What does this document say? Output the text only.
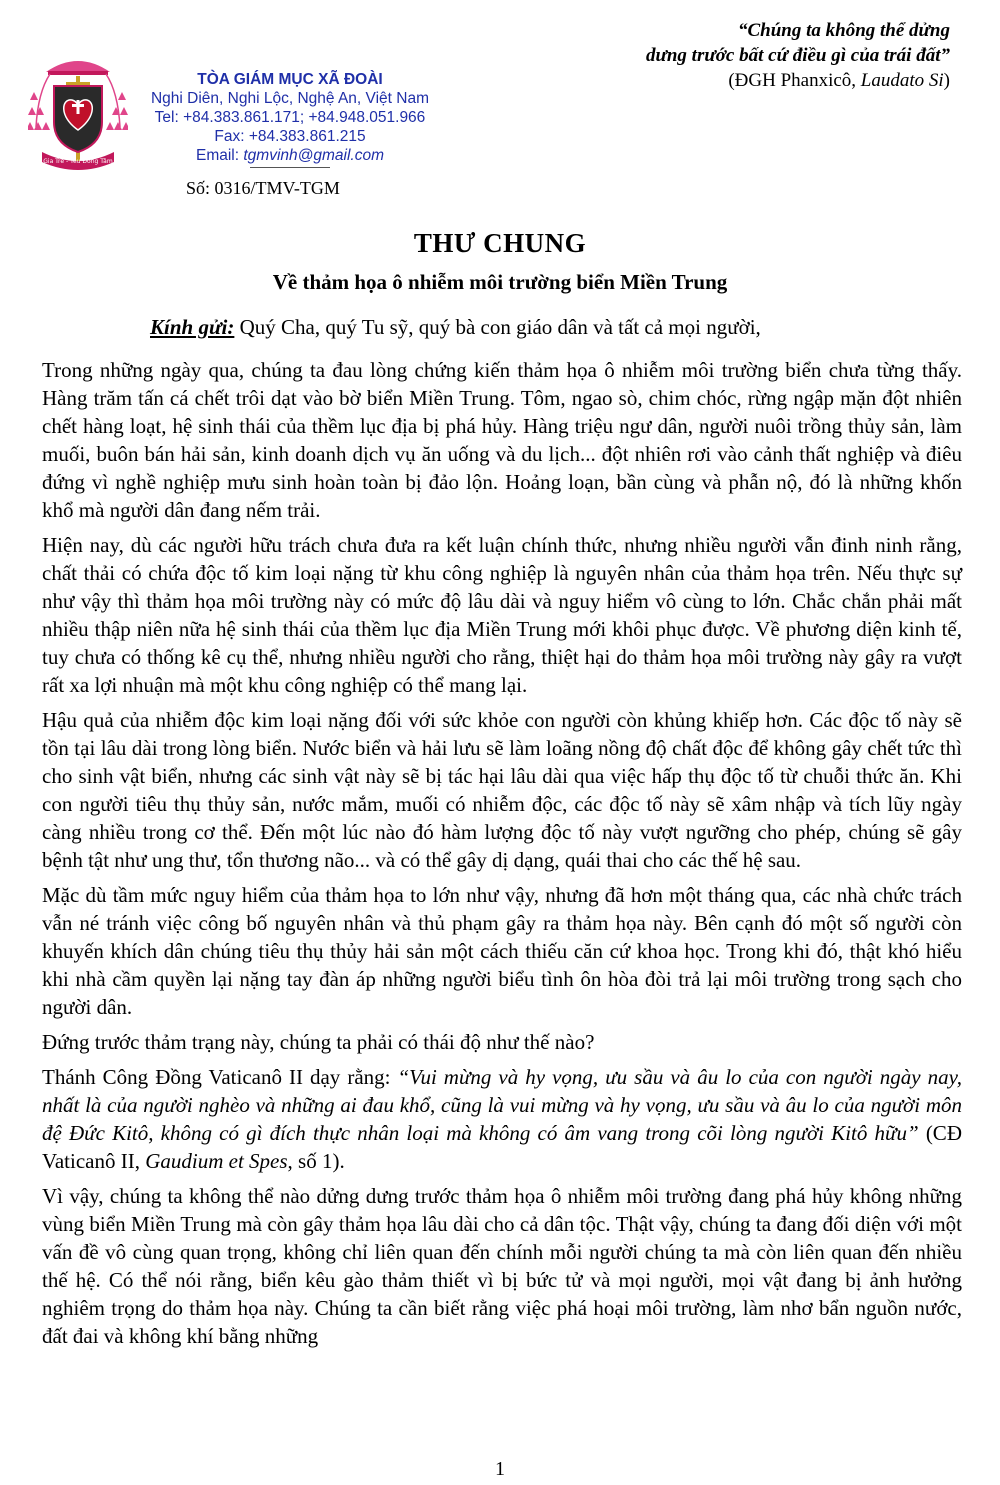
Gia Trẻ - Yêu Đồng Tâm
TÒA GIÁM MỤC XÃ ĐOÀI
Nghi Diên, Nghi Lộc, Nghệ An, Việt Nam
Tel: +84.383.861.171; +84.948.051.966
Fax: +84.383.861.215
Email: tgmvinh@gmail.com
Số: 0316/TMV-TGM
“Chúng ta không thể dửng
dưng trước bất cứ điều gì của trái đất”
(ĐGH Phanxicô, Laudato Si)
THƯ CHUNG
Về thảm họa ô nhiễm môi trường biển Miền Trung
Kính gửi: Quý Cha, quý Tu sỹ, quý bà con giáo dân và tất cả mọi người,

Trong những ngày qua, chúng ta đau lòng chứng kiến thảm họa ô nhiễm môi trường biển chưa từng thấy. Hàng trăm tấn cá chết trôi dạt vào bờ biển Miền Trung. Tôm, ngao sò, chim chóc, rừng ngập mặn đột nhiên chết hàng loạt, hệ sinh thái của thềm lục địa bị phá hủy. Hàng triệu ngư dân, người nuôi trồng thủy sản, làm muối, buôn bán hải sản, kinh doanh dịch vụ ăn uống và du lịch... đột nhiên rơi vào cảnh thất nghiệp và điêu đứng vì nghề nghiệp mưu sinh hoàn toàn bị đảo lộn. Hoảng loạn, bần cùng và phẫn nộ, đó là những khốn khổ mà người dân đang nếm trải.

Hiện nay, dù các người hữu trách chưa đưa ra kết luận chính thức, nhưng nhiều người vẫn đinh ninh rằng, chất thải có chứa độc tố kim loại nặng từ khu công nghiệp là nguyên nhân của thảm họa trên. Nếu thực sự như vậy thì thảm họa môi trường này có mức độ lâu dài và nguy hiểm vô cùng to lớn. Chắc chắn phải mất nhiều thập niên nữa hệ sinh thái của thềm lục địa Miền Trung mới khôi phục được. Về phương diện kinh tế, tuy chưa có thống kê cụ thể, nhưng nhiều người cho rằng, thiệt hại do thảm họa môi trường này gây ra vượt rất xa lợi nhuận mà một khu công nghiệp có thể mang lại.

Hậu quả của nhiễm độc kim loại nặng đối với sức khỏe con người còn khủng khiếp hơn. Các độc tố này sẽ tồn tại lâu dài trong lòng biển. Nước biển và hải lưu sẽ làm loãng nồng độ chất độc để không gây chết tức thì cho sinh vật biển, nhưng các sinh vật này sẽ bị tác hại lâu dài qua việc hấp thụ độc tố từ chuỗi thức ăn. Khi con người tiêu thụ thủy sản, nước mắm, muối có nhiễm độc, các độc tố này sẽ xâm nhập và tích lũy ngày càng nhiều trong cơ thể. Đến một lúc nào đó hàm lượng độc tố này vượt ngưỡng cho phép, chúng sẽ gây bệnh tật như ung thư, tổn thương não... và có thể gây dị dạng, quái thai cho các thế hệ sau.

Mặc dù tầm mức nguy hiểm của thảm họa to lớn như vậy, nhưng đã hơn một tháng qua, các nhà chức trách vẫn né tránh việc công bố nguyên nhân và thủ phạm gây ra thảm họa này. Bên cạnh đó một số người còn khuyến khích dân chúng tiêu thụ thủy hải sản một cách thiếu căn cứ khoa học. Trong khi đó, thật khó hiểu khi nhà cầm quyền lại nặng tay đàn áp những người biểu tình ôn hòa đòi trả lại môi trường trong sạch cho người dân.

Đứng trước thảm trạng này, chúng ta phải có thái độ như thế nào?

Thánh Công Đồng Vaticanô II dạy rằng: “Vui mừng và hy vọng, ưu sầu và âu lo của con người ngày nay, nhất là của người nghèo và những ai đau khổ, cũng là vui mừng và hy vọng, ưu sầu và âu lo của người môn đệ Đức Kitô, không có gì đích thực nhân loại mà không có âm vang trong cõi lòng người Kitô hữu” (CĐ Vaticanô II, Gaudium et Spes, số 1).

Vì vậy, chúng ta không thể nào dửng dưng trước thảm họa ô nhiễm môi trường đang phá hủy không những vùng biển Miền Trung mà còn gây thảm họa lâu dài cho cả dân tộc. Thật vậy, chúng ta đang đối diện với một vấn đề vô cùng quan trọng, không chỉ liên quan đến chính mỗi người chúng ta mà còn liên quan đến nhiều thế hệ. Có thể nói rằng, biển kêu gào thảm thiết vì bị bức tử và mọi người, mọi vật đang bị ảnh hưởng nghiêm trọng do thảm họa này. Chúng ta cần biết rằng việc phá hoại môi trường, làm nhơ bẩn nguồn nước, đất đai và không khí bằng những

1
